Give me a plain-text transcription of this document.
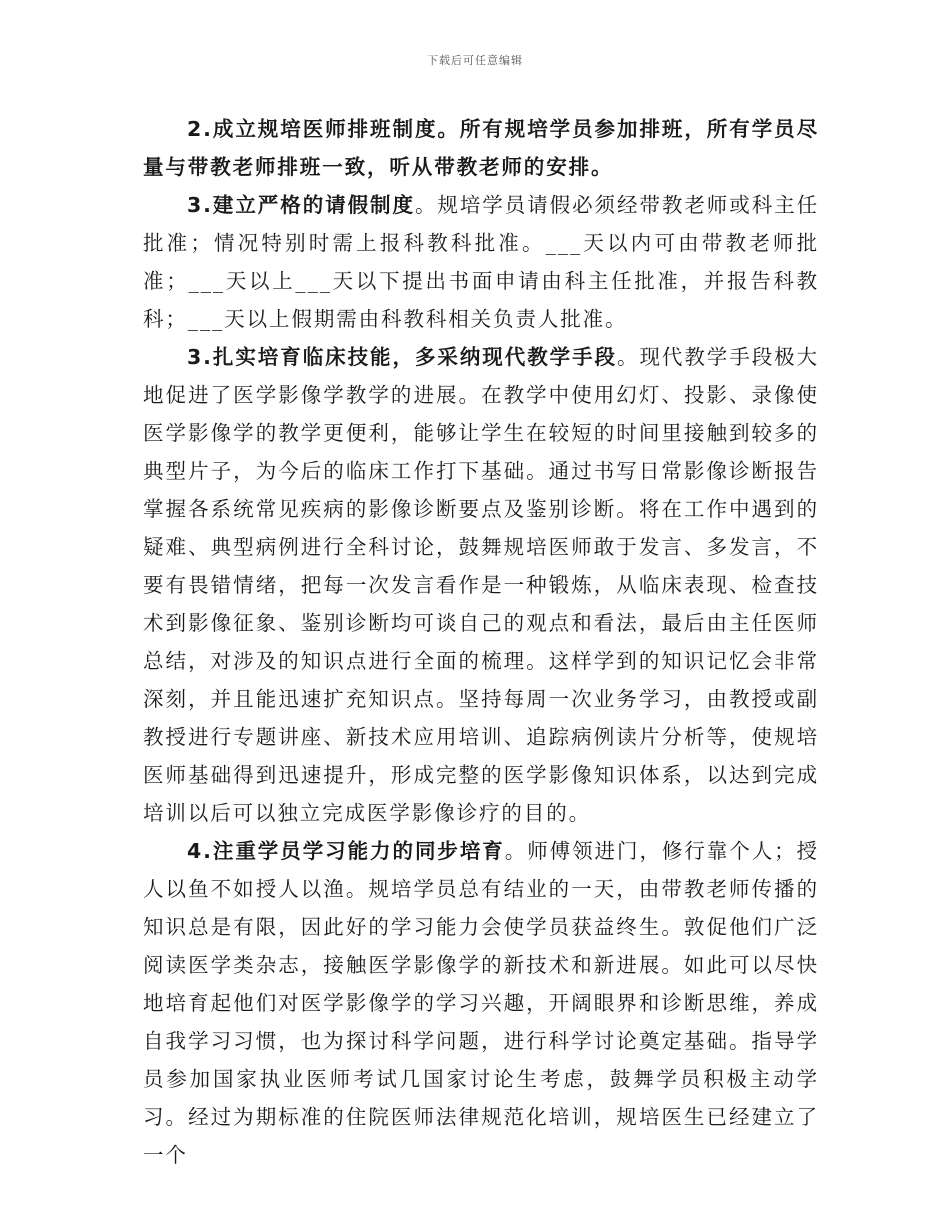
下载后可任意编辑

2.成立规培医师排班制度。所有规培学员参加排班，所有学员尽量与带教老师排班一致，听从带教老师的安排。

3.建立严格的请假制度。规培学员请假必须经带教老师或科主任批准；情况特别时需上报科教科批准。___天以内可由带教老师批准；___天以上___天以下提出书面申请由科主任批准，并报告科教科；___天以上假期需由科教科相关负责人批准。

3.扎实培育临床技能，多采纳现代教学手段。现代教学手段极大地促进了医学影像学教学的进展。在教学中使用幻灯、投影、录像使医学影像学的教学更便利，能够让学生在较短的时间里接触到较多的典型片子，为今后的临床工作打下基础。通过书写日常影像诊断报告掌握各系统常见疾病的影像诊断要点及鉴别诊断。将在工作中遇到的疑难、典型病例进行全科讨论，鼓舞规培医师敢于发言、多发言，不要有畏错情绪，把每一次发言看作是一种锻炼，从临床表现、检查技术到影像征象、鉴别诊断均可谈自己的观点和看法，最后由主任医师总结，对涉及的知识点进行全面的梳理。这样学到的知识记忆会非常深刻，并且能迅速扩充知识点。坚持每周一次业务学习，由教授或副教授进行专题讲座、新技术应用培训、追踪病例读片分析等，使规培医师基础得到迅速提升，形成完整的医学影像知识体系，以达到完成培训以后可以独立完成医学影像诊疗的目的。

4.注重学员学习能力的同步培育。师傅领进门，修行靠个人；授人以鱼不如授人以渔。规培学员总有结业的一天，由带教老师传播的知识总是有限，因此好的学习能力会使学员获益终生。敦促他们广泛阅读医学类杂志，接触医学影像学的新技术和新进展。如此可以尽快地培育起他们对医学影像学的学习兴趣，开阔眼界和诊断思维，养成自我学习习惯，也为探讨科学问题，进行科学讨论奠定基础。指导学员参加国家执业医师考试几国家讨论生考虑，鼓舞学员积极主动学习。经过为期标准的住院医师法律规范化培训，规培医生已经建立了一个
